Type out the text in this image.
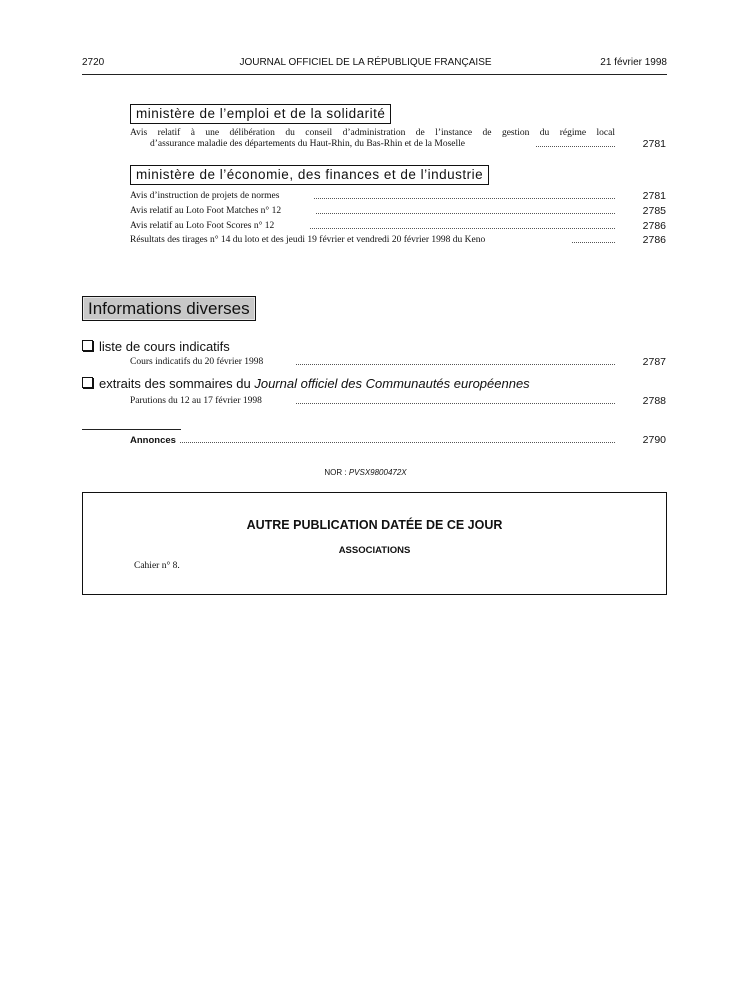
2720	JOURNAL OFFICIEL DE LA RÉPUBLIQUE FRANÇAISE	21 février 1998
ministère de l’emploi et de la solidarité
Avis relatif à une délibération du conseil d’administration de l’instance de gestion du régime local
d’assurance maladie des départements du Haut-Rhin, du Bas-Rhin et de la Moselle	2781
ministère de l’économie, des finances et de l’industrie
Avis d’instruction de projets de normes	2781
Avis relatif au Loto Foot Matches n° 12	2785
Avis relatif au Loto Foot Scores n° 12	2786
Résultats des tirages n° 14 du loto et des jeudi 19 février et vendredi 20 février 1998 du Keno	2786
Informations diverses
liste de cours indicatifs
Cours indicatifs du 20 février 1998	2787
extraits des sommaires du Journal officiel des Communautés européennes
Parutions du 12 au 17 février 1998	2788
Annonces	2790
NOR : PVSX9800472X
AUTRE PUBLICATION DATÉE DE CE JOUR
ASSOCIATIONS
Cahier n° 8.
